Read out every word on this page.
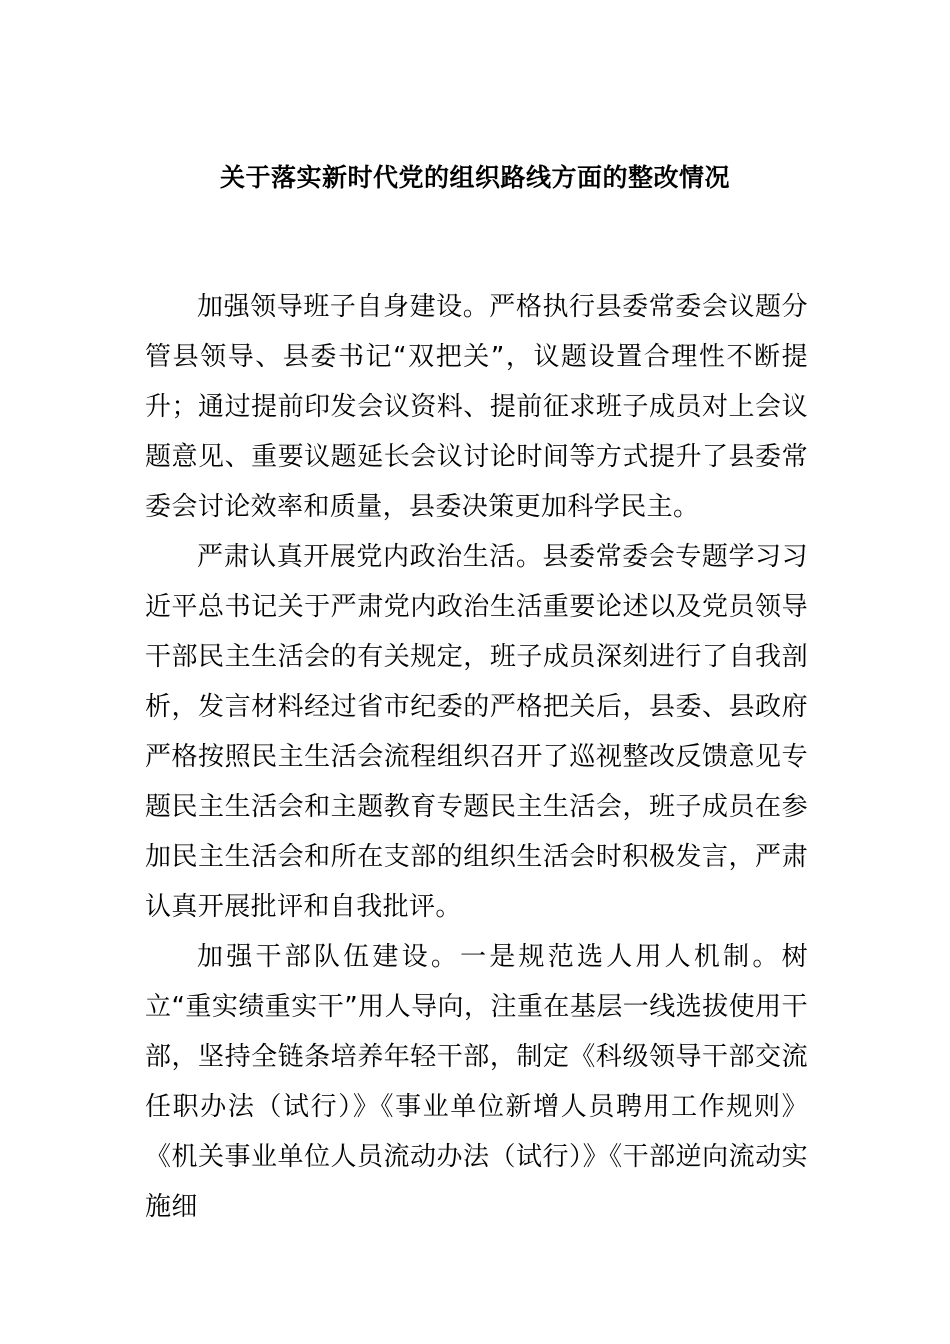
关于落实新时代党的组织路线方面的整改情况

加强领导班子自身建设。严格执行县委常委会议题分管县领导、县委书记“双把关”，议题设置合理性不断提升；通过提前印发会议资料、提前征求班子成员对上会议题意见、重要议题延长会议讨论时间等方式提升了县委常委会讨论效率和质量，县委决策更加科学民主。

严肃认真开展党内政治生活。县委常委会专题学习习近平总书记关于严肃党内政治生活重要论述以及党员领导干部民主生活会的有关规定，班子成员深刻进行了自我剖析，发言材料经过省市纪委的严格把关后，县委、县政府严格按照民主生活会流程组织召开了巡视整改反馈意见专题民主生活会和主题教育专题民主生活会，班子成员在参加民主生活会和所在支部的组织生活会时积极发言，严肃认真开展批评和自我批评。

加强干部队伍建设。一是规范选人用人机制。树立“重实绩重实干”用人导向，注重在基层一线选拔使用干部，坚持全链条培养年轻干部，制定《科级领导干部交流任职办法（试行）》《事业单位新增人员聘用工作规则》《机关事业单位人员流动办法（试行）》《干部逆向流动实施细
